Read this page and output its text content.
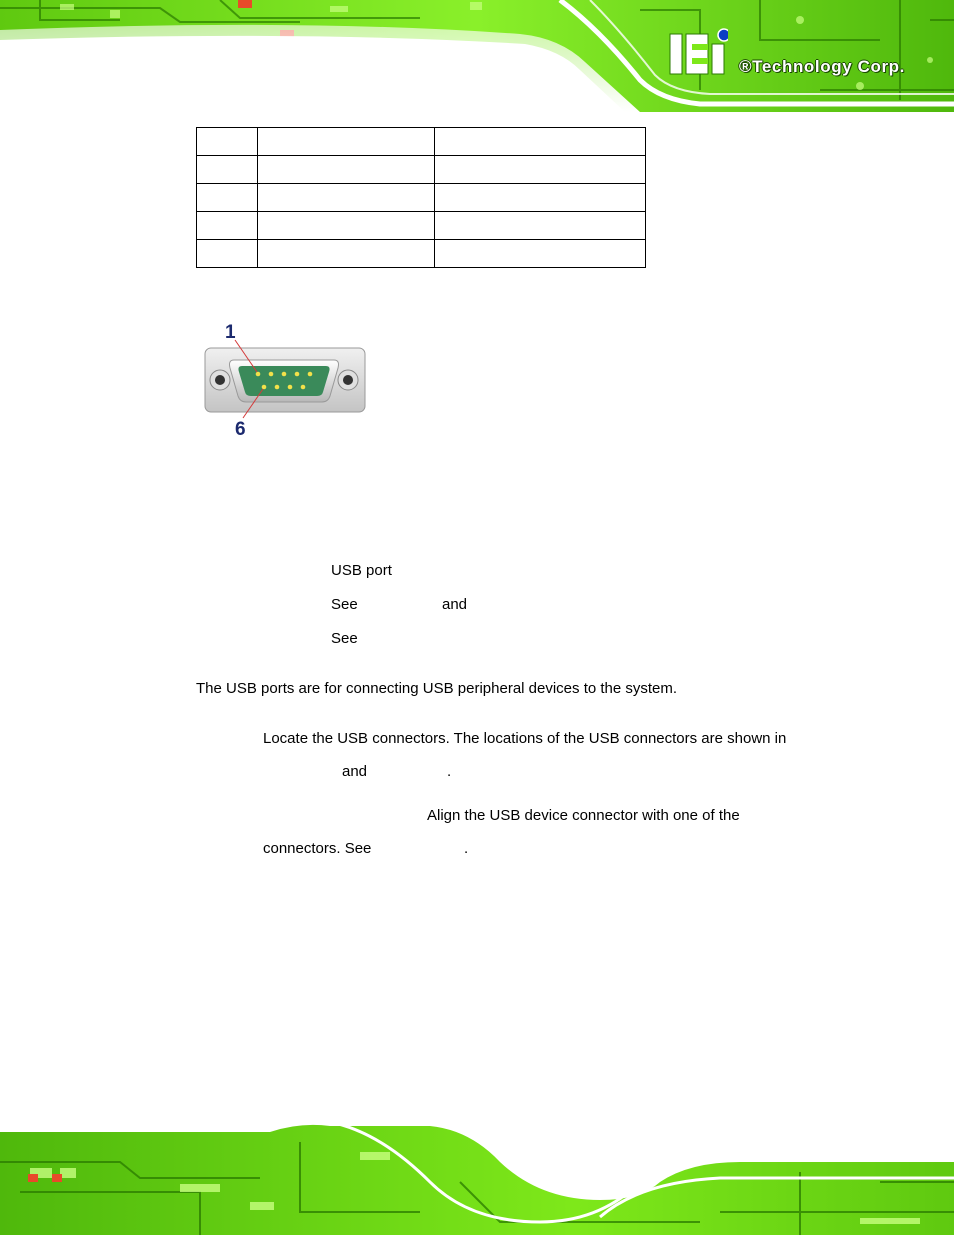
®Technology Corp.

1
6
USB port
See	and
See
The USB ports are for connecting USB peripheral devices to the system.
Locate the USB connectors. The locations of the USB connectors are shown in
and	.
Align the USB device connector with one of the
connectors. See	.
